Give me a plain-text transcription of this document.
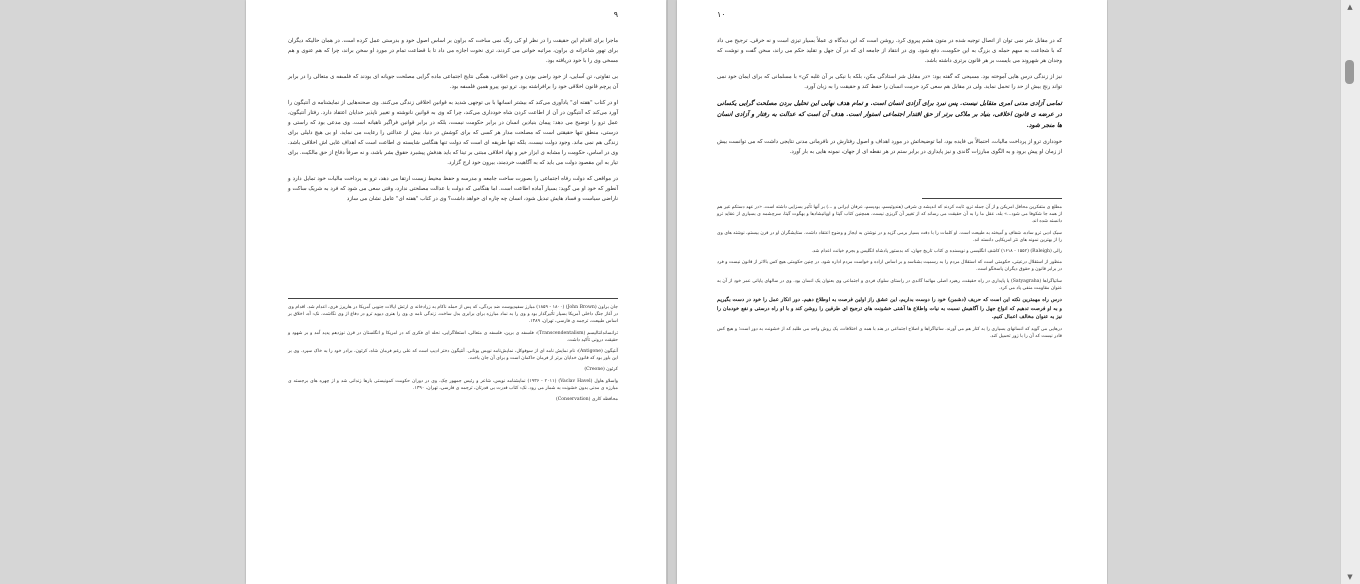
۹

ماجرا برای اقدام این حقیقت را در نظر او کی رنگ نمی ساخت که براون بر اساس اصول خود و بدرستی عمل کرده است. در همان حالیکه دیگران برای تهور شاعرانه ی براون، مراتبه خوانی می کردند، تری نخوت اجازه می داد تا با قضاعت تمام در مورد او سخن براند، چرا که هم عنوی و هم مسخی وی را با خود دریافته بود.

بی تفاوتی، تن آسایی، از خود راضی بودن و جبن اخلاقی، همگی نتایج اجتماعی ماده گرایی مصلحت جویانه ای بودند که فلسفه ی متعالی را در برابر آن پرچم قانون اخلاقی خود را برافراشته بود. ترو تیو، پیرو همین فلسفه بود.

او در کتاب "هفته ای" یادآوری می‌کند که بیشتر انسانها با بی توجهی شدید به قوانین اخلاقی زندگی می‌کنند. وی صحنه‌هایی از نمایشنامه ی آنتیگون را آورد می‌کند که آنتیگون در آن از اطاعت کردن شاه خودداری می‌کند، چرا که وی به قوانین نانوشته و تغییر ناپذیر خدایان اعتقاد دارد. رفتار آنتیگون، عمل ترو را توضیح می دهد: پیمان بنیادین انسان در برابر حکومت نیست، بلکه در برابر قوانین فراگیر ناهیانه است. وی مدعی بود که راستی و درستی، منطق تنها حقیقتی است که مصلحت مدار هر کسی که برای کوشش در دنیا، بیش از عدالتی را رعایت می نماید. او بی هیچ دلیلی برای زندگی هم نمی ماند. وجود دولت نیست، بلکه تنها طریقه ای است که دولت تنها هنگامی شایسته ی اطاعت است که اهداف غایی اش اخلاقی باشد. وی در اساس، حکومت را مشابه ی ابزار خیر و نهاد اخلاقی مبتنی بر تینا که باید هدفش پیشبرد حقوق بشر باشد، و نه صرفاً دفاع از حق مالکیت. برای تیار به این مقصود دولت می باید که به آگاهیت خردمند، بیرون خود ارج گزارد.

در مواقعی که دولت رفاه اجتماعی را بصورت ساخت جامعه و مدرسه و حفظ محیط زیست ارتقا می دهد، ترو به پرداخت مالیات خود تمایل دارد و آنطور که خود او می گوید: بسیار آماده اطاعت است. اما هنگامی که دولت با عدالت مصلحتی ندارد، وقتی سعی می شود که فرد به شریک ساکت و ناراضی سیاست و فساد هایش تبدیل شود، انسان چه چاره ای خواهد داشت؟ وی در کتاب "هفته ای" عامل نشان می سازد

جان براون (John Brown) (۱۸۵۹ - ۱۸۰۰) مبارز سفیدپوست ضد بردگی، که پس از حمله ناکام به زرادخانه ی ارتش ایالات جنوبی آمریکا در هارپرز فری، اعدام شد. اقدام وی در آغاز جنگ داخلی آمریکا بسیار تأثیرگذار بود و وی را به نماد مبارزه برای برابری بدل ساخت. زندگی نامه ی وی را هنری دیوید ترو در دفاع از وی نگاشت. نک: آه، اخلاق بر اساس طبیعت، ترجمه ی فارسی، تهران، ۱۳۸۹.

ترانساندانتالیسم (Transcendentalism): فلسفه ی برین، فلسفه ی متعالی، استعلاگرایی، نحله ای فکری که در امریکا و انگلستان در قرن نوزدهم پدید آمد و بر شهود و حقیقت درونی تأکید داشت.

آنتیگون (Antigone): نام نمایش نامه ای از سوفوکل، نمایش‌نامه نویس یونانی. آنتیگون دختر ادیپ است که علی رغم فرمان شاه، کرئون، برادر خود را به خاک سپرد. وی بر این باور بود که قانون خدایان برتر از فرمان حاکمان است و برای آن جان باخت.

کرئون (Creone)

واسلاو هاول (Vaclav Havel) (۱۹۳۶ - ۲۰۱۱) نمایشنامه نویس، شاعر و رئیس جمهور چک. وی در دوران حکومت کمونیستی بارها زندانی شد و از چهره های برجسته ی مبارزه ی مدنی بدون خشونت به شمار می رود. نک: کتاب قدرت بی قدرتان، ترجمه ی فارسی، تهران، ۱۳۹۰.

محافظه کاری (Conservation)

۱۰

که در مقابل شر نمی توان از اتصال توجیه شده در متون هشم پیروی کرد. روشن است که این دیدگاه ی عملاً بسیار تیزی است و نه خرقی. ترجیح می داد که با شجاعت به سهم حمله ی بزرگ به این حکومت، دفع شود. وی در انتقاد از جامعه ای که در آن جهل و تقلید حکم می راند، سخن گفت و نوشت که وجدان هر شهروند می بایست بر هر قانون برتری داشته باشد.

نیز از زندگی درس هایی آموخته بود. مسیحی که گفته بود: «در مقابل شر استادگی مکن، بلکه با نیکی بر آن غلبه کن» با مسلمانی که برای ایمان خود نمی تواند رنج بیش از حد را تحمل نماید. ولی در مقابل هم سعی کرد حرمت انسان را حفظ کند و حقیقت را به زبان آورد.

تمامی آزادی مدنی امری متقابل نیست. پس نبرد برای آزادی انسان است. و تمام هدف نهایی این تحلیل بردن مصلحت گرایی یکسانی در عرضه ی قانون اخلاقی، بنیاد بر ملاکی برتر از حق اقتدار اجتماعی استوار است. هدف آن است که عدالت به رفتار و آزادی انسان ها منجر شود.

خودداری ترو از پرداخت مالیات، احتمالاً بی فایده بود، اما توضیحاتش در مورد اهداف و اصول رفتارش در نافرمانی مدنی نتایجی داشت که می توانست بیش از زمان او پیش برود و به الگوی مبارزات گاندی و نیز پایداری در برابر ستم در هر نقطه ای از جهان، نمونه هایی به بار آورد.

مطلع ی متفکرین محافل امریکن و از آن جمله ترو، ثابت کردند که اندیشه ی شرقی (هندوئیسم، بودیسم، عرفان ایرانی و ...) بر آنها تأثیر بسزایی داشته است. «در عهد دستکم غیر هم از همه جا شکوفا می شود...» بله، عقل ما را به آن حقیقت می رساند که از تغییر آن گریزی نیست. همچنین کتاب گیتا و اوپانیشادها و بهگوت گیتا، سرچشمه ی بسیاری از عقاید ترو دانسته شده اند.

سبک ادبی ترو ساده، شفاف و آمیخته به طبیعت است. او کلمات را با دقت بسیار برمی گزید و در نوشتن به ایجاز و وضوح اعتقاد داشت. ستایشگران او در قرن بیستم، نوشته های وی را از بهترین نمونه های نثر امریکایی دانسته اند.

رالی (Raleigh) (۱۶۱۸ - ۱۵۵۲) کاشف انگلیسی و نویسنده ی کتاب تاریخ جهان، که بدستور پادشاه انگلیس و بجرم خیانت اعدام شد.

منظور از استقلال درعیتی، حکومتی است که استقلال مردم را به رسمیت بشناسد و بر اساس اراده و خواست مردم اداره شود. در چنین حکومتی هیچ کس بالاتر از قانون نیست و فرد در برابر قانون و حقوق دیگران پاسخگو است.

ساتیاگراها (Satyagraha) یا پایداری در راه حقیقت، رهبرد اصلی مهاتما گاندی در راستای سلوک فردی و اجتماعی وی بعنوان یک انسان بود. وی در سالهای پایانی عمر خود از آن به عنوان مقاومت منفی یاد می کرد.

درس راه مهمترین نکته این است که حریف (دشمن) خود را دوست بداریم، این عشق راز اولین فرصت به اوطلاع دهیم. دور انکار عمل را خود در دست بگیریم و به او فرصت تدهیم که انواع جهل را آگاهیش نسبت به نیات واطلاع ها آشتی خشونت هاي ترجیح اي طرفین را روشن کند و با او راه درستی و نفع خودمان را نیز به عنوان مخالف اعمال کنیم.

درهایی می گوید که انسانهای بسیاری را به کنار هم می آورند. ساتیاگراها و اصلاح اجتماعی در هند با همه ی اختلافات، یک روش واحد می طلبد که از خشونت به دور است؛ و هیچ کس قادر نیست که آن را با زور تحمیل کند.

▲
▼
